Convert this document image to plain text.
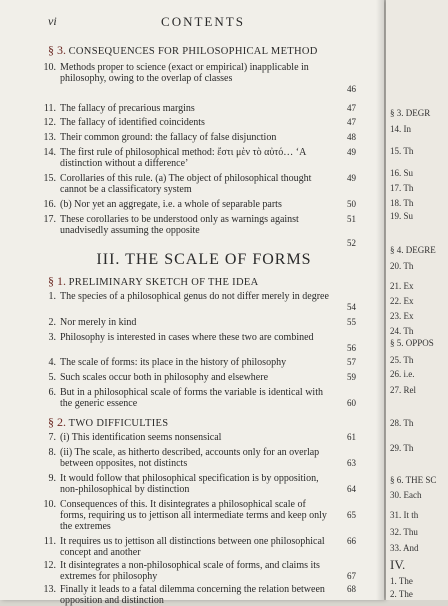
vi	CONTENTS
§ 3. CONSEQUENCES FOR PHILOSOPHICAL METHOD
10. Methods proper to science (exact or empirical) inapplicable in philosophy, owing to the overlap of classes
46
11. The fallacy of precarious margins	47
12. The fallacy of identified coincidents	47
13. Their common ground: the fallacy of false disjunction	48
14. The first rule of philosophical method: ἔστι μὲν τὸ αὐτό… ‘A distinction without a difference’
49
15. Corollaries of this rule. (a) The object of philosophical thought cannot be a classificatory system
49
16. (b) Nor yet an aggregate, i.e. a whole of separable parts	50
17. These corollaries to be understood only as warnings against unadvisedly assuming the opposite
51
52
III. THE SCALE OF FORMS
§ 1. PRELIMINARY SKETCH OF THE IDEA
1. The species of a philosophical genus do not differ merely in degree
54
2. Nor merely in kind	55
3. Philosophy is interested in cases where these two are combined
56
4. The scale of forms: its place in the history of philosophy	57
5. Such scales occur both in philosophy and elsewhere	59
6. But in a philosophical scale of forms the variable is identical with the generic essence	60
§ 2. TWO DIFFICULTIES
7. (i) This identification seems nonsensical	61
8. (ii) The scale, as hitherto described, accounts only for an overlap between opposites, not distincts	63
9. It would follow that philosophical specification is by opposition, non-philosophical by distinction	64
10. Consequences of this. It disintegrates a philosophical scale of forms, requiring us to jettison all intermediate terms and keep only the extremes
65
11. It requires us to jettison all distinctions between one philosophical concept and another
66
12. It disintegrates a non-philosophical scale of forms, and claims its extremes for philosophy	67
13. Finally it leads to a fatal dilemma concerning the relation between opposition and distinction
68
§ 3. DEGR
14. In
15. Th
16. Su
17. Th
18. Th
19. Su
§ 4. DEGRE
20. Th
21. Ex
22. Ex
23. Ex
24. Th
§ 5. OPPOS
25. Th
26. i.e.
27. Rel
28. Th
29. Th
§ 6. THE SC
30. Each
31. It th
32. Thu
33. And
IV.
1. The
2. The
